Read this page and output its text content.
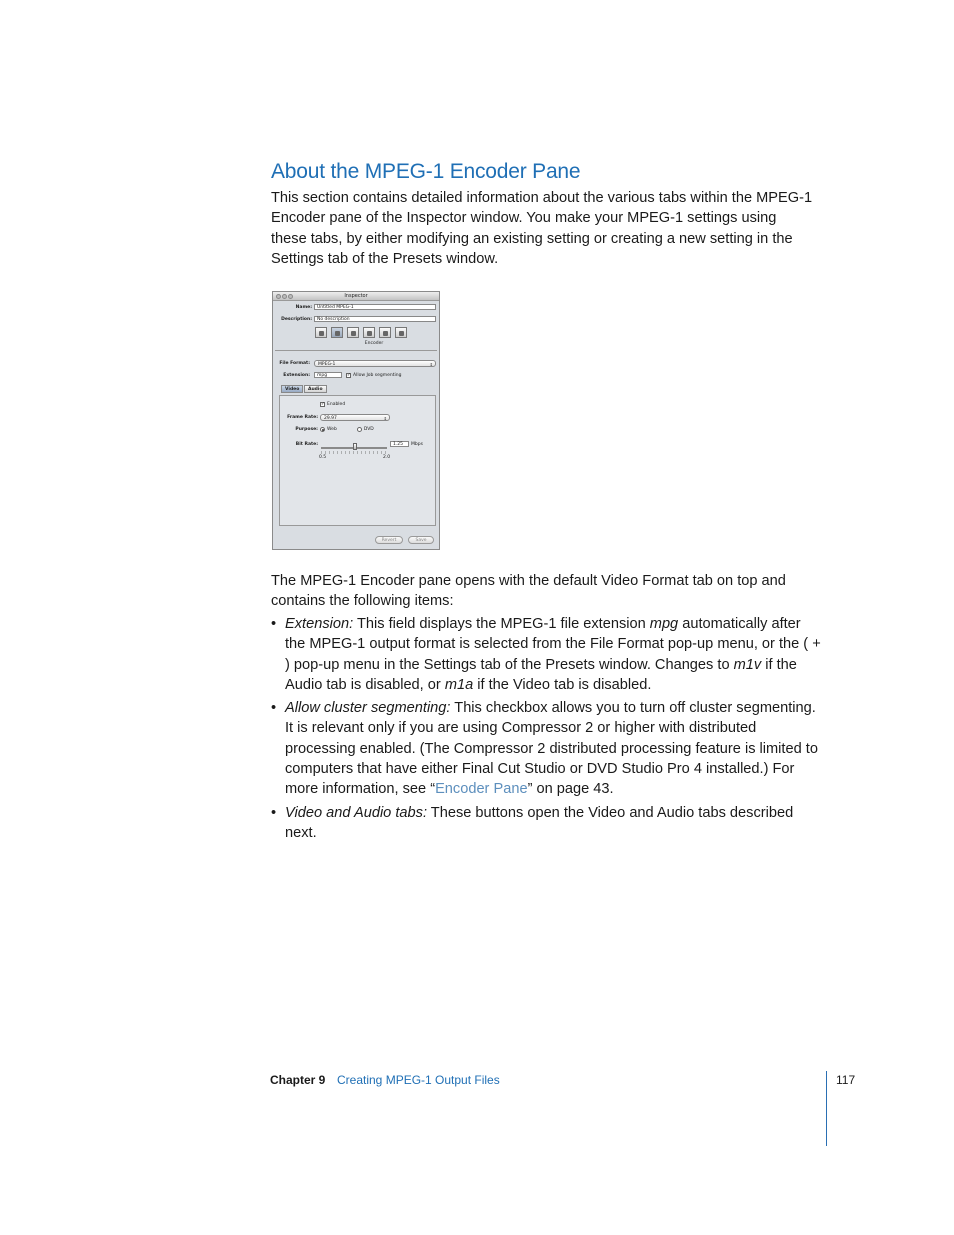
About the MPEG-1 Encoder Pane

This section contains detailed information about the various tabs within the MPEG-1 Encoder pane of the Inspector window. You make your MPEG-1 settings using these tabs, by either modifying an existing setting or creating a new setting in the Settings tab of the Presets window.

Inspector
Name:	Untitled MPEG-1
Description:	No description
Encoder
File Format:	MPEG-1	⇕
Extension:	mpg	✓ Allow Job segmenting
Video	Audio
✓ Enabled
Frame Rate:	29.97	⇕
Purpose: Web	DVD
Bit Rate:	1.25	Mbps
0.5	2.0
Revert	Save

The MPEG-1 Encoder pane opens with the default Video Format tab on top and contains the following items:

• Extension: This field displays the MPEG-1 file extension mpg automatically after the MPEG-1 output format is selected from the File Format pop-up menu, or the ( + ) pop-up menu in the Settings tab of the Presets window. Changes to m1v if the Audio tab is disabled, or m1a if the Video tab is disabled.
• Allow cluster segmenting: This checkbox allows you to turn off cluster segmenting. It is relevant only if you are using Compressor 2 or higher with distributed processing enabled. (The Compressor 2 distributed processing feature is limited to computers that have either Final Cut Studio or DVD Studio Pro 4 installed.) For more information, see “Encoder Pane” on page 43.
• Video and Audio tabs: These buttons open the Video and Audio tabs described next.
Chapter 9 Creating MPEG-1 Output Files	117
